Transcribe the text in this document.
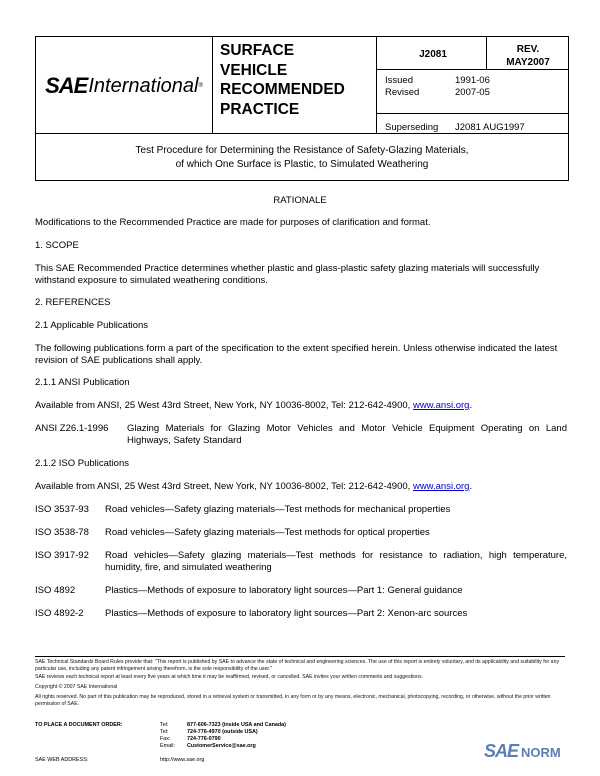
SAE International ®
SURFACE
VEHICLE
RECOMMENDED
PRACTICE
J2081	REV.
MAY2007
Issued	1991-06
Revised	2007-05
Superseding	J2081 AUG1997
Test Procedure for Determining the Resistance of Safety-Glazing Materials,
of which One Surface is Plastic, to Simulated Weathering
RATIONALE
Modifications to the Recommended Practice are made for purposes of clarification and format.
1. SCOPE
This SAE Recommended Practice determines whether plastic and glass-plastic safety glazing materials will successfully withstand exposure to simulated weathering conditions.
2. REFERENCES
2.1 Applicable Publications
The following publications form a part of the specification to the extent specified herein. Unless otherwise indicated the latest revision of SAE publications shall apply.
2.1.1 ANSI Publication
Available from ANSI, 25 West 43rd Street, New York, NY 10036-8002, Tel: 212-642-4900, www.ansi.org.
ANSI Z26.1-1996	Glazing Materials for Glazing Motor Vehicles and Motor Vehicle Equipment Operating on Land Highways, Safety Standard
2.1.2 ISO Publications
Available from ANSI, 25 West 43rd Street, New York, NY 10036-8002, Tel: 212-642-4900, www.ansi.org.
ISO 3537-93	Road vehicles—Safety glazing materials—Test methods for mechanical properties
ISO 3538-78	Road vehicles—Safety glazing materials—Test methods for optical properties
ISO 3917-92	Road vehicles—Safety glazing materials—Test methods for resistance to radiation, high temperature, humidity, fire, and simulated weathering
ISO 4892	Plastics—Methods of exposure to laboratory light sources—Part 1: General guidance
ISO 4892-2	Plastics—Methods of exposure to laboratory light sources—Part 2: Xenon-arc sources
SAE Technical Standards Board Rules provide that: "This report is published by SAE to advance the state of technical and engineering sciences. The use of this report is entirely voluntary, and its applicability and suitability for any particular use, including any patent infringement arising therefrom, is the sole responsibility of the user."
SAE reviews each technical report at least every five years at which time it may be reaffirmed, revised, or cancelled. SAE invites your written comments and suggestions.
Copyright © 2007 SAE International
All rights reserved. No part of this publication may be reproduced, stored in a retrieval system or transmitted, in any form or by any means, electronic, mechanical, photocopying, recording, or otherwise, without the prior written permission of SAE.
TO PLACE A DOCUMENT ORDER:	Tel:	877-606-7323 (inside USA and Canada)
Tel:	724-776-4970 (outside USA)
Fax:	724-776-0790
Email:	CustomerService@sae.org
SAE WEB ADDRESS:	http://www.sae.org	SAE NORM
